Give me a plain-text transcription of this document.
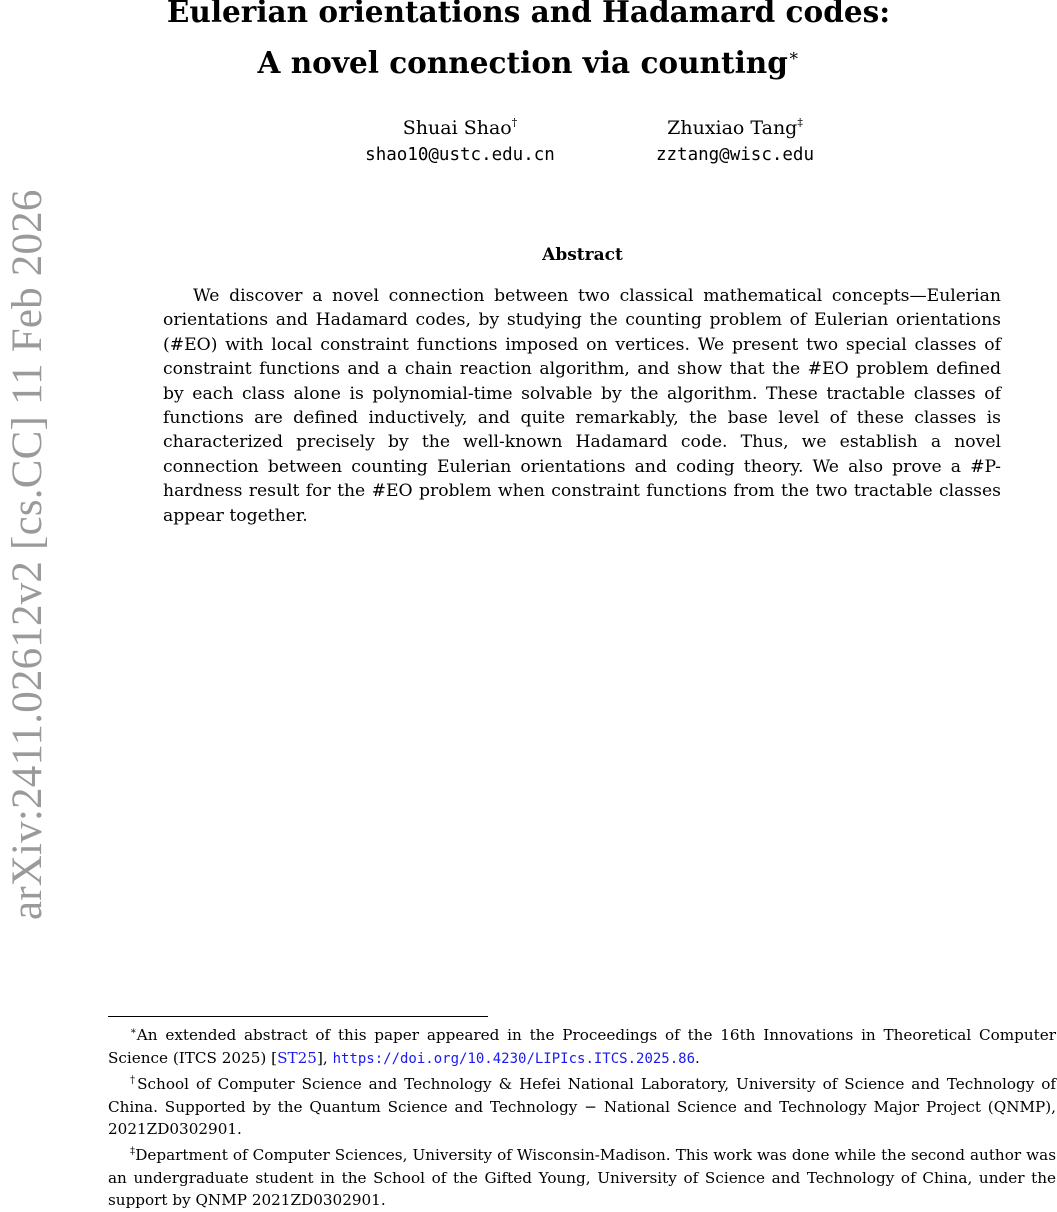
arXiv:2411.02612v2 [cs.CC] 11 Feb 2026
Eulerian orientations and Hadamard codes:
A novel connection via counting∗
Shuai Shao†
shao10@ustc.edu.cn
Zhuxiao Tang‡
zztang@wisc.edu
Abstract
We discover a novel connection between two classical mathematical concepts—Eulerian orientations and Hadamard codes, by studying the counting problem of Eulerian orientations (#EO) with local constraint functions imposed on vertices. We present two special classes of constraint functions and a chain reaction algorithm, and show that the #EO problem defined by each class alone is polynomial-time solvable by the algorithm. These tractable classes of functions are defined inductively, and quite remarkably, the base level of these classes is characterized precisely by the well-known Hadamard code. Thus, we establish a novel connection between counting Eulerian orientations and coding theory. We also prove a #P-hardness result for the #EO problem when constraint functions from the two tractable classes appear together.
∗An extended abstract of this paper appeared in the Proceedings of the 16th Innovations in Theoretical Computer Science (ITCS 2025) [ST25], https://doi.org/10.4230/LIPIcs.ITCS.2025.86.
†School of Computer Science and Technology & Hefei National Laboratory, University of Science and Technology of China. Supported by the Quantum Science and Technology − National Science and Technology Major Project (QNMP), 2021ZD0302901.
‡Department of Computer Sciences, University of Wisconsin-Madison. This work was done while the second author was an undergraduate student in the School of the Gifted Young, University of Science and Technology of China, under the support by QNMP 2021ZD0302901.
